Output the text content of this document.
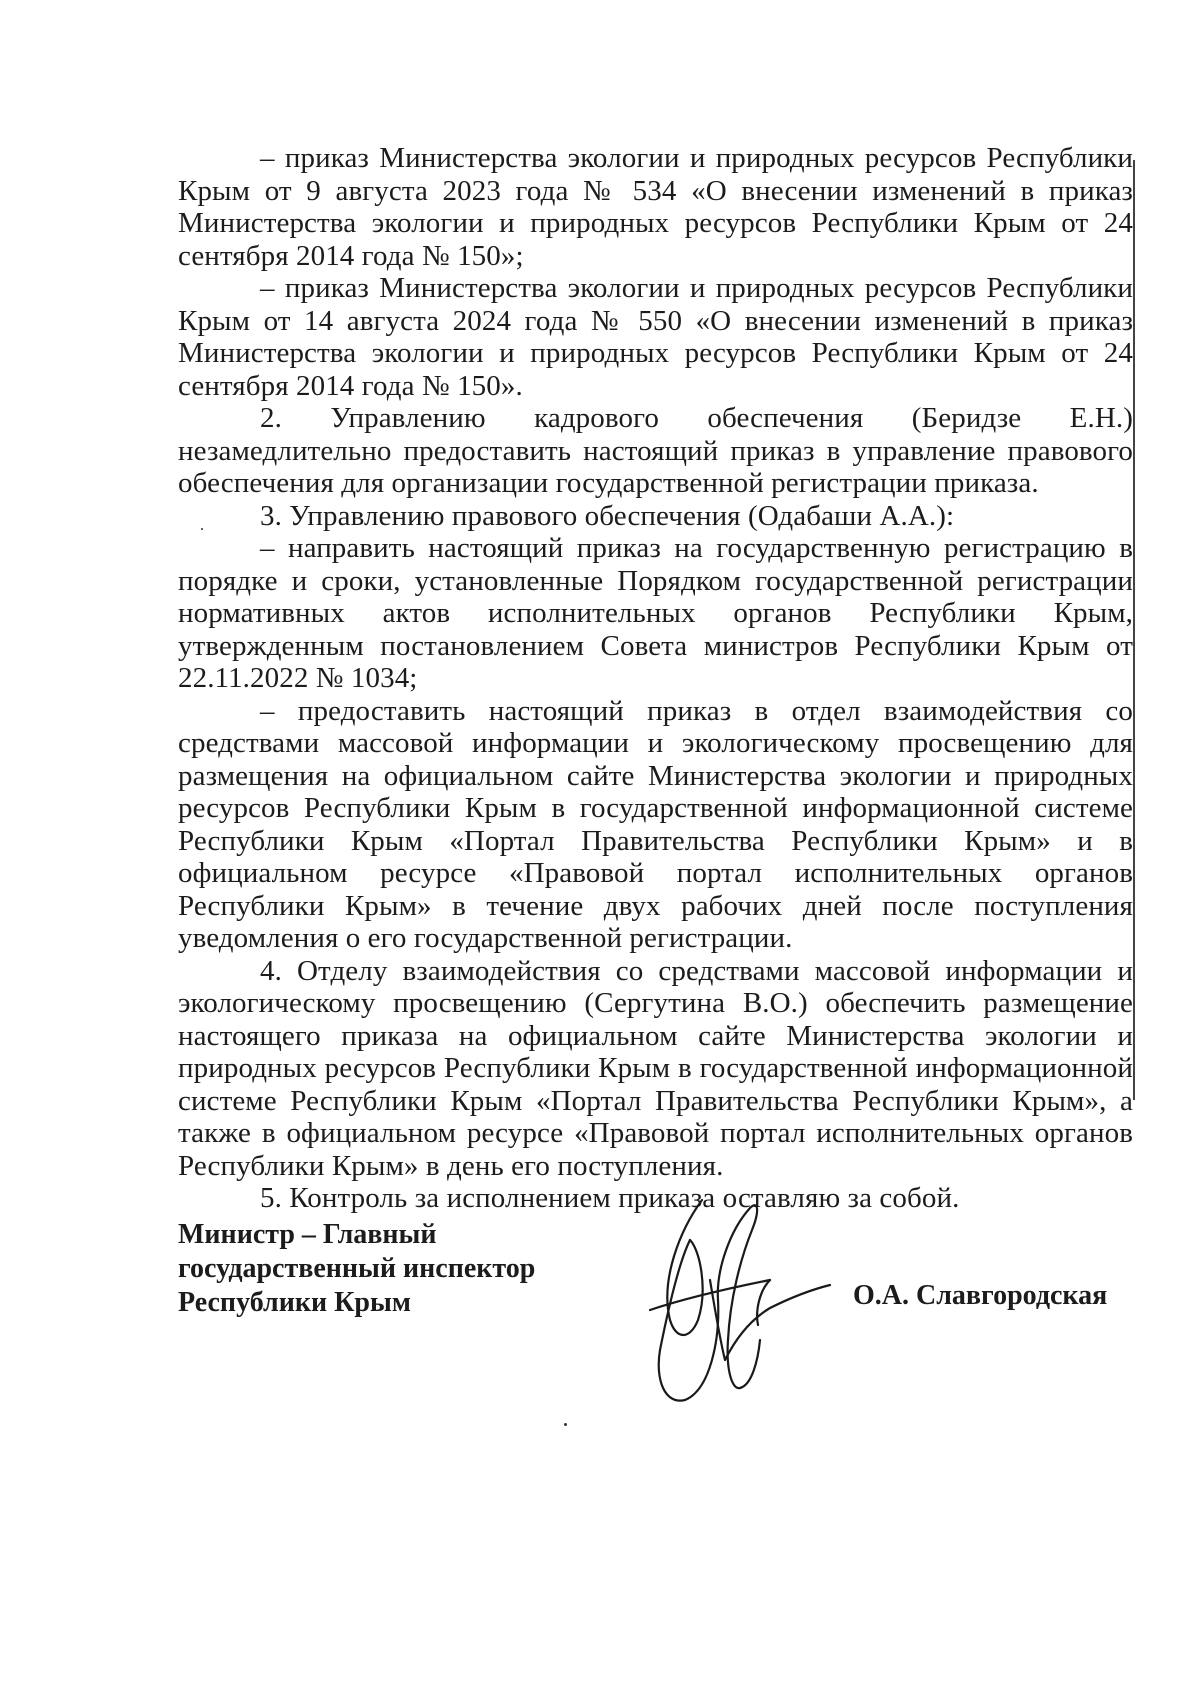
– приказ Министерства экологии и природных ресурсов Республики Крым от 9 августа 2023 года № 534 «О внесении изменений в приказ Министерства экологии и природных ресурсов Республики Крым от 24 сентября 2014 года № 150»;

– приказ Министерства экологии и природных ресурсов Республики Крым от 14 августа 2024 года № 550 «О внесении изменений в приказ Министерства экологии и природных ресурсов Республики Крым от 24 сентября 2014 года № 150».

2. Управлению кадрового обеспечения (Беридзе Е.Н.) незамедлительно предоставить настоящий приказ в управление правового обеспечения для организации государственной регистрации приказа.

3. Управлению правового обеспечения (Одабаши А.А.):

– направить настоящий приказ на государственную регистрацию в порядке и сроки, установленные Порядком государственной регистрации нормативных актов исполнительных органов Республики Крым, утвержденным постановлением Совета министров Республики Крым от 22.11.2022 № 1034;

– предоставить настоящий приказ в отдел взаимодействия со средствами массовой информации и экологическому просвещению для размещения на официальном сайте Министерства экологии и природных ресурсов Республики Крым в государственной информационной системе Республики Крым «Портал Правительства Республики Крым» и в официальном ресурсе «Правовой портал исполнительных органов Республики Крым» в течение двух рабочих дней после поступления уведомления о его государственной регистрации.

4. Отделу взаимодействия со средствами массовой информации и экологическому просвещению (Сергутина В.О.) обеспечить размещение настоящего приказа на официальном сайте Министерства экологии и природных ресурсов Республики Крым в государственной информационной системе Республики Крым «Портал Правительства Республики Крым», а также в официальном ресурсе «Правовой портал исполнительных органов Республики Крым» в день его поступления.

5. Контроль за исполнением приказа оставляю за собой.

Министр – Главный
государственный инспектор
Республики Крым	О.А. Славгородская
